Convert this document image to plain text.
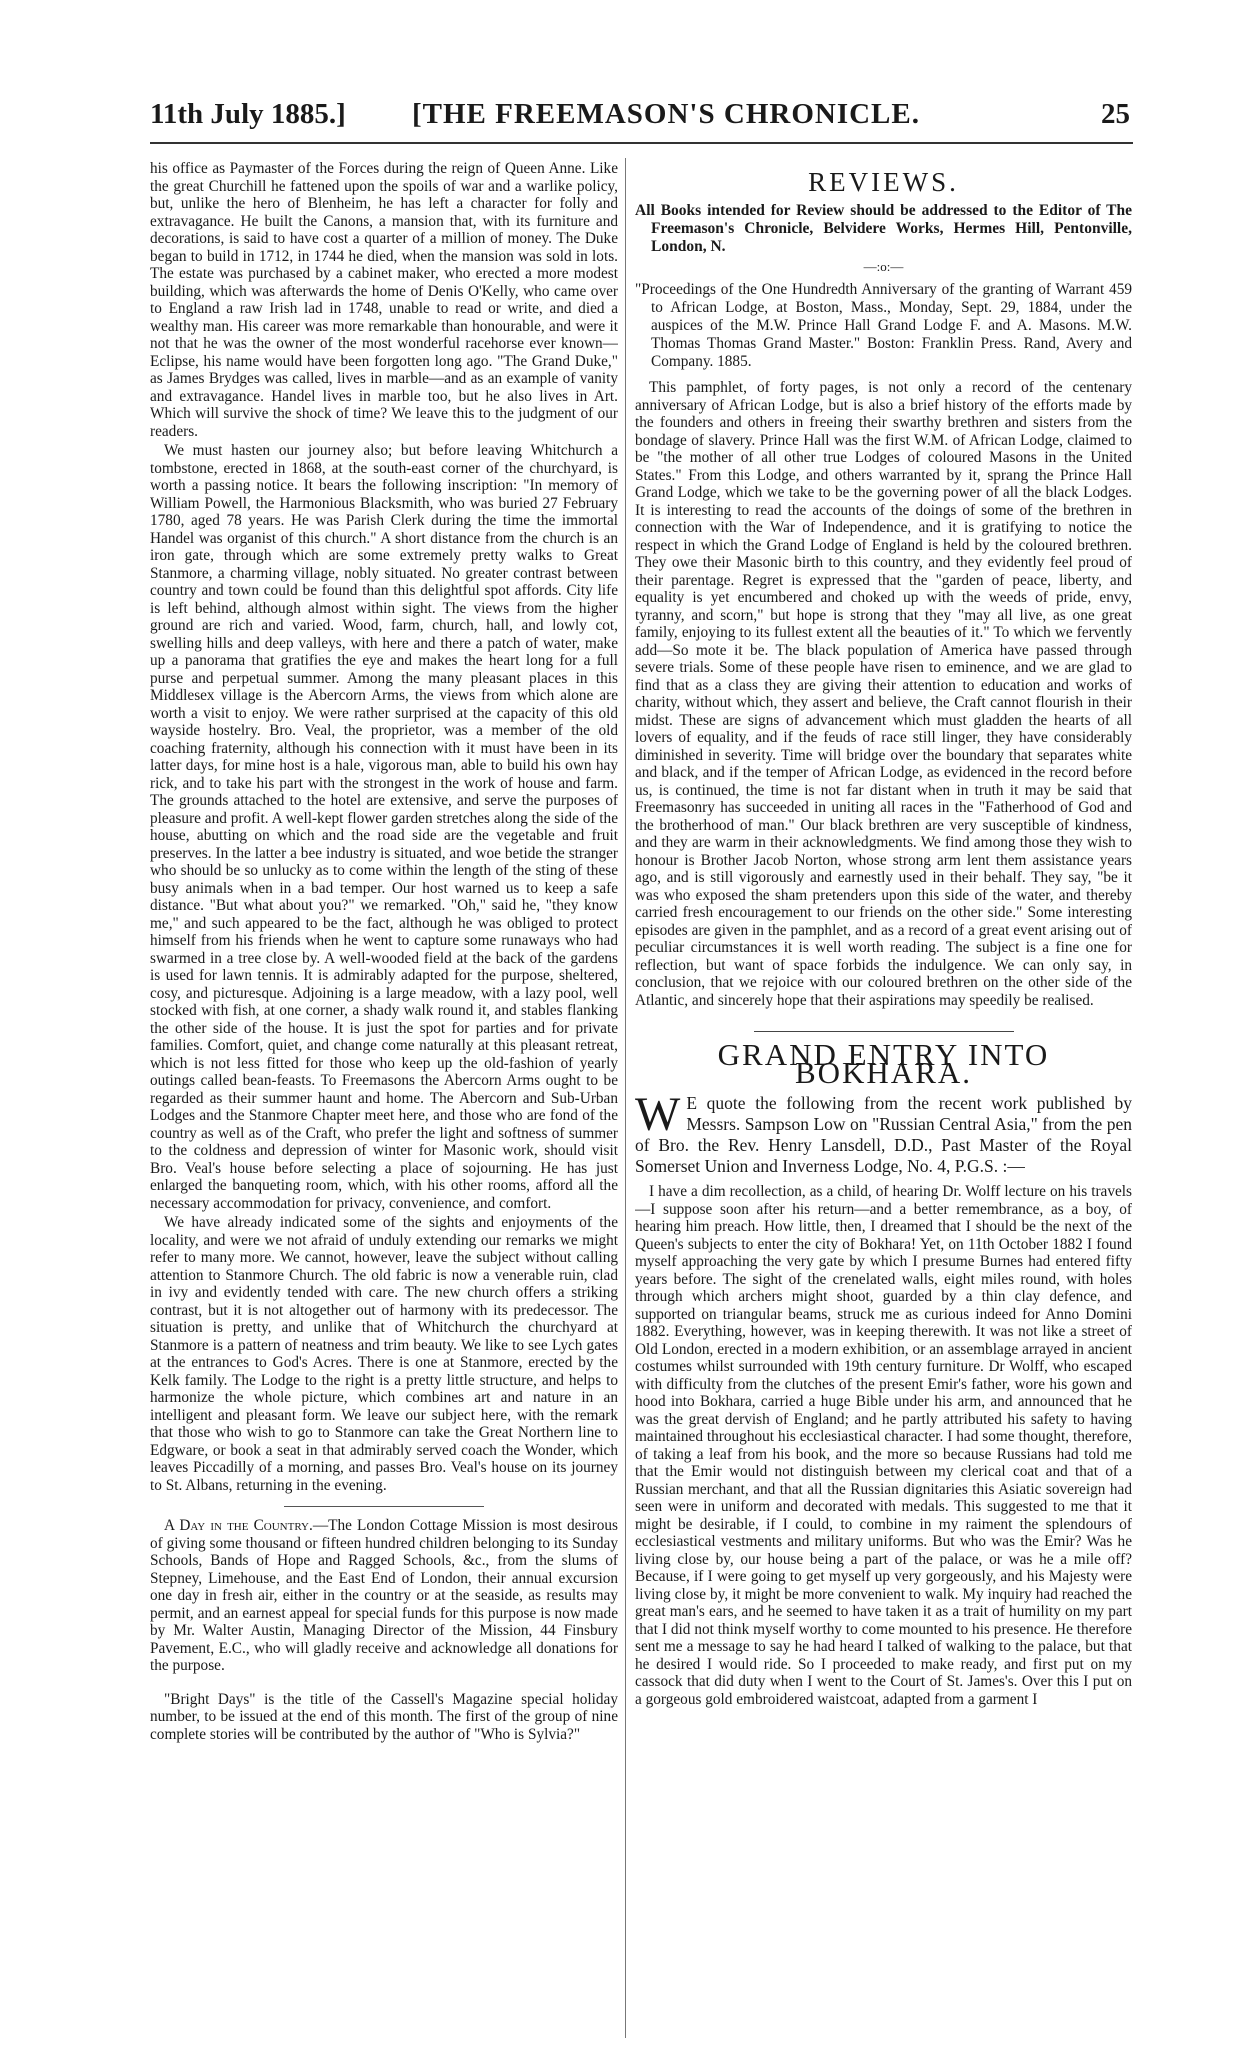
11th July 1885.] [THE FREEMASON'S CHRONICLE.	25

his office as Paymaster of the Forces during the reign of Queen Anne. Like the great Churchill he fattened upon the spoils of war and a warlike policy, but, unlike the hero of Blenheim, he has left a character for folly and extravagance. He built the Canons, a mansion that, with its furniture and decorations, is said to have cost a quarter of a million of money. The Duke began to build in 1712, in 1744 he died, when the mansion was sold in lots. The estate was purchased by a cabinet maker, who erected a more modest building, which was afterwards the home of Denis O'Kelly, who came over to England a raw Irish lad in 1748, unable to read or write, and died a wealthy man. His career was more remarkable than honourable, and were it not that he was the owner of the most wonderful racehorse ever known—Eclipse, his name would have been forgotten long ago. "The Grand Duke," as James Brydges was called, lives in marble—and as an example of vanity and extravagance. Handel lives in marble too, but he also lives in Art. Which will survive the shock of time? We leave this to the judgment of our readers.

We must hasten our journey also; but before leaving Whitchurch a tombstone, erected in 1868, at the south-east corner of the churchyard, is worth a passing notice. It bears the following inscription: "In memory of William Powell, the Harmonious Blacksmith, who was buried 27 February 1780, aged 78 years. He was Parish Clerk during the time the immortal Handel was organist of this church." A short distance from the church is an iron gate, through which are some extremely pretty walks to Great Stanmore, a charming village, nobly situated. No greater contrast between country and town could be found than this delightful spot affords. City life is left behind, although almost within sight. The views from the higher ground are rich and varied. Wood, farm, church, hall, and lowly cot, swelling hills and deep valleys, with here and there a patch of water, make up a panorama that gratifies the eye and makes the heart long for a full purse and perpetual summer. Among the many pleasant places in this Middlesex village is the Abercorn Arms, the views from which alone are worth a visit to enjoy. We were rather surprised at the capacity of this old wayside hostelry. Bro. Veal, the proprietor, was a member of the old coaching fraternity, although his connection with it must have been in its latter days, for mine host is a hale, vigorous man, able to build his own hay rick, and to take his part with the strongest in the work of house and farm. The grounds attached to the hotel are extensive, and serve the purposes of pleasure and profit. A well-kept flower garden stretches along the side of the house, abutting on which and the road side are the vegetable and fruit preserves. In the latter a bee industry is situated, and woe betide the stranger who should be so unlucky as to come within the length of the sting of these busy animals when in a bad temper. Our host warned us to keep a safe distance. "But what about you?" we remarked. "Oh," said he, "they know me," and such appeared to be the fact, although he was obliged to protect himself from his friends when he went to capture some runaways who had swarmed in a tree close by. A well-wooded field at the back of the gardens is used for lawn tennis. It is admirably adapted for the purpose, sheltered, cosy, and picturesque. Adjoining is a large meadow, with a lazy pool, well stocked with fish, at one corner, a shady walk round it, and stables flanking the other side of the house. It is just the spot for parties and for private families. Comfort, quiet, and change come naturally at this pleasant retreat, which is not less fitted for those who keep up the old-fashion of yearly outings called bean-feasts. To Freemasons the Abercorn Arms ought to be regarded as their summer haunt and home. The Abercorn and Sub-Urban Lodges and the Stanmore Chapter meet here, and those who are fond of the country as well as of the Craft, who prefer the light and softness of summer to the coldness and depression of winter for Masonic work, should visit Bro. Veal's house before selecting a place of sojourning. He has just enlarged the banqueting room, which, with his other rooms, afford all the necessary accommodation for privacy, convenience, and comfort.

We have already indicated some of the sights and enjoyments of the locality, and were we not afraid of unduly extending our remarks we might refer to many more. We cannot, however, leave the subject without calling attention to Stanmore Church. The old fabric is now a venerable ruin, clad in ivy and evidently tended with care. The new church offers a striking contrast, but it is not altogether out of harmony with its predecessor. The situation is pretty, and unlike that of Whitchurch the churchyard at Stanmore is a pattern of neatness and trim beauty. We like to see Lych gates at the entrances to God's Acres. There is one at Stanmore, erected by the Kelk family. The Lodge to the right is a pretty little structure, and helps to harmonize the whole picture, which combines art and nature in an intelligent and pleasant form. We leave our subject here, with the remark that those who wish to go to Stanmore can take the Great Northern line to Edgware, or book a seat in that admirably served coach the Wonder, which leaves Piccadilly of a morning, and passes Bro. Veal's house on its journey to St. Albans, returning in the evening.

A Day in the Country.—The London Cottage Mission is most desirous of giving some thousand or fifteen hundred children belonging to its Sunday Schools, Bands of Hope and Ragged Schools, &c., from the slums of Stepney, Limehouse, and the East End of London, their annual excursion one day in fresh air, either in the country or at the seaside, as results may permit, and an earnest appeal for special funds for this purpose is now made by Mr. Walter Austin, Managing Director of the Mission, 44 Finsbury Pavement, E.C., who will gladly receive and acknowledge all donations for the purpose.

"Bright Days" is the title of the Cassell's Magazine special holiday number, to be issued at the end of this month. The first of the group of nine complete stories will be contributed by the author of "Who is Sylvia?"

REVIEWS.
All Books intended for Review should be addressed to the Editor of The Freemason's Chronicle, Belvidere Works, Hermes Hill, Pentonville, London, N.
—:o:—
"Proceedings of the One Hundredth Anniversary of the granting of Warrant 459 to African Lodge, at Boston, Mass., Monday, Sept. 29, 1884, under the auspices of the M.W. Prince Hall Grand Lodge F. and A. Masons. M.W. Thomas Thomas Grand Master." Boston: Franklin Press. Rand, Avery and Company. 1885.

This pamphlet, of forty pages, is not only a record of the centenary anniversary of African Lodge, but is also a brief history of the efforts made by the founders and others in freeing their swarthy brethren and sisters from the bondage of slavery. Prince Hall was the first W.M. of African Lodge, claimed to be "the mother of all other true Lodges of coloured Masons in the United States." From this Lodge, and others warranted by it, sprang the Prince Hall Grand Lodge, which we take to be the governing power of all the black Lodges. It is interesting to read the accounts of the doings of some of the brethren in connection with the War of Independence, and it is gratifying to notice the respect in which the Grand Lodge of England is held by the coloured brethren. They owe their Masonic birth to this country, and they evidently feel proud of their parentage. Regret is expressed that the "garden of peace, liberty, and equality is yet encumbered and choked up with the weeds of pride, envy, tyranny, and scorn," but hope is strong that they "may all live, as one great family, enjoying to its fullest extent all the beauties of it." To which we fervently add—So mote it be. The black population of America have passed through severe trials. Some of these people have risen to eminence, and we are glad to find that as a class they are giving their attention to education and works of charity, without which, they assert and believe, the Craft cannot flourish in their midst. These are signs of advancement which must gladden the hearts of all lovers of equality, and if the feuds of race still linger, they have considerably diminished in severity. Time will bridge over the boundary that separates white and black, and if the temper of African Lodge, as evidenced in the record before us, is continued, the time is not far distant when in truth it may be said that Freemasonry has succeeded in uniting all races in the "Fatherhood of God and the brotherhood of man." Our black brethren are very susceptible of kindness, and they are warm in their acknowledgments. We find among those they wish to honour is Brother Jacob Norton, whose strong arm lent them assistance years ago, and is still vigorously and earnestly used in their behalf. They say, "be it was who exposed the sham pretenders upon this side of the water, and thereby carried fresh encouragement to our friends on the other side." Some interesting episodes are given in the pamphlet, and as a record of a great event arising out of peculiar circumstances it is well worth reading. The subject is a fine one for reflection, but want of space forbids the indulgence. We can only say, in conclusion, that we rejoice with our coloured brethren on the other side of the Atlantic, and sincerely hope that their aspirations may speedily be realised.

GRAND ENTRY INTO BOKHARA.

W E quote the following from the recent work published by Messrs. Sampson Low on "Russian Central Asia," from the pen of Bro. the Rev. Henry Lansdell, D.D., Past Master of the Royal Somerset Union and Inverness Lodge, No. 4, P.G.S. :—

I have a dim recollection, as a child, of hearing Dr. Wolff lecture on his travels—I suppose soon after his return—and a better remembrance, as a boy, of hearing him preach. How little, then, I dreamed that I should be the next of the Queen's subjects to enter the city of Bokhara! Yet, on 11th October 1882 I found myself approaching the very gate by which I presume Burnes had entered fifty years before. The sight of the crenelated walls, eight miles round, with holes through which archers might shoot, guarded by a thin clay defence, and supported on triangular beams, struck me as curious indeed for Anno Domini 1882. Everything, however, was in keeping therewith. It was not like a street of Old London, erected in a modern exhibition, or an assemblage arrayed in ancient costumes whilst surrounded with 19th century furniture. Dr Wolff, who escaped with difficulty from the clutches of the present Emir's father, wore his gown and hood into Bokhara, carried a huge Bible under his arm, and announced that he was the great dervish of England; and he partly attributed his safety to having maintained throughout his ecclesiastical character. I had some thought, therefore, of taking a leaf from his book, and the more so because Russians had told me that the Emir would not distinguish between my clerical coat and that of a Russian merchant, and that all the Russian dignitaries this Asiatic sovereign had seen were in uniform and decorated with medals. This suggested to me that it might be desirable, if I could, to combine in my raiment the splendours of ecclesiastical vestments and military uniforms. But who was the Emir? Was he living close by, our house being a part of the palace, or was he a mile off? Because, if I were going to get myself up very gorgeously, and his Majesty were living close by, it might be more convenient to walk. My inquiry had reached the great man's ears, and he seemed to have taken it as a trait of humility on my part that I did not think myself worthy to come mounted to his presence. He therefore sent me a message to say he had heard I talked of walking to the palace, but that he desired I would ride. So I proceeded to make ready, and first put on my cassock that did duty when I went to the Court of St. James's. Over this I put on a gorgeous gold embroidered waistcoat, adapted from a garment I
